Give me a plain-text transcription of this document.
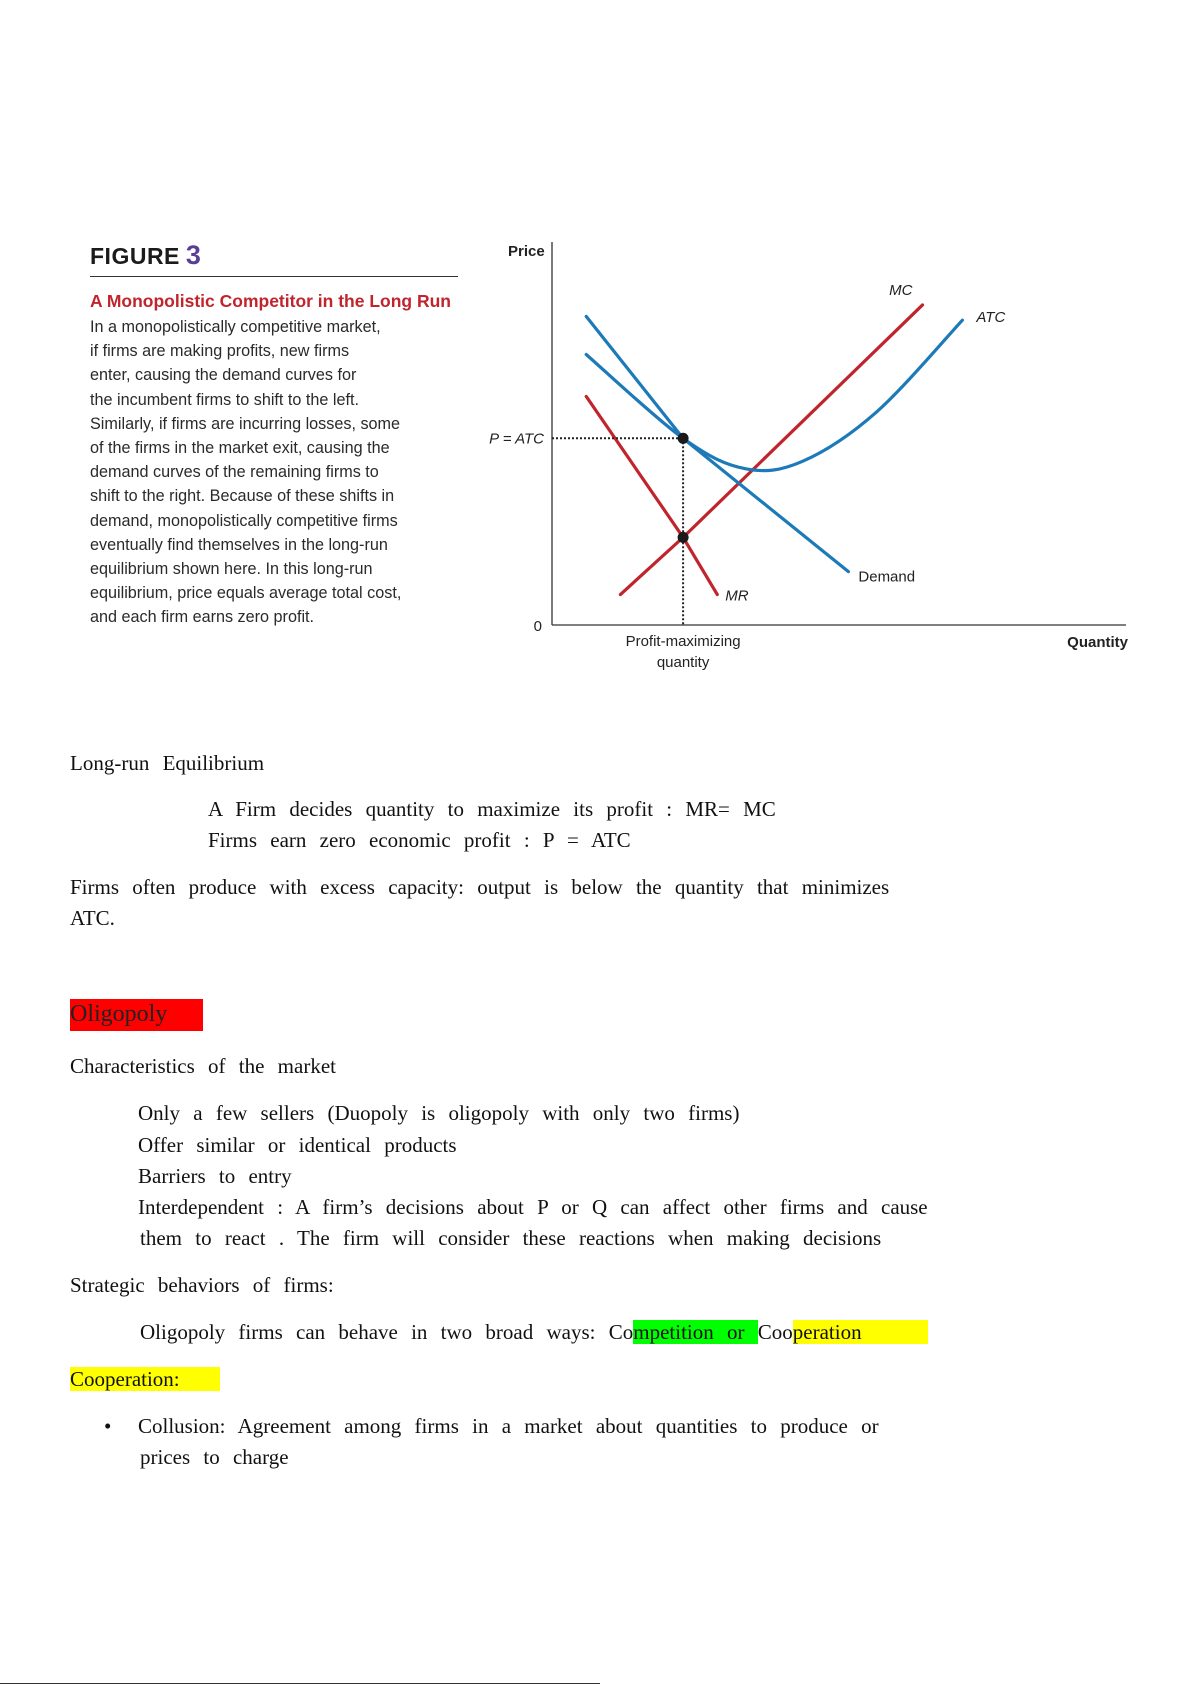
FIGURE 3
A Monopolistic Competitor in the Long Run
In a monopolistically competitive market,
if firms are making profits, new firms
enter, causing the demand curves for
the incumbent firms to shift to the left.
Similarly, if firms are incurring losses, some
of the firms in the market exit, causing the
demand curves of the remaining firms to
shift to the right. Because of these shifts in
demand, monopolistically competitive firms
eventually find themselves in the long-run
equilibrium shown here. In this long-run
equilibrium, price equals average total cost,
and each firm earns zero profit.
Price
Quantity
0
P = ATC
Profit-maximizing
quantity
MC
ATC
Demand
MR
Long-run Equilibrium
A Firm decides quantity to maximize its profit : MR= MC
Firms earn zero economic profit : P = ATC
Firms often produce with excess capacity: output is below the quantity that minimizes
ATC.
Oligopoly
Characteristics of the market
Only a few sellers (Duopoly is oligopoly with only two firms)
Offer similar or identical products
Barriers to entry
Interdependent : A firm’s decisions about P or Q can affect other firms and cause
them to react . The firm will consider these reactions when making decisions
Strategic behaviors of firms:
Oligopoly firms can behave in two broad ways: Competition or Cooperation
Cooperation:
• Collusion: Agreement among firms in a market about quantities to produce or
prices to charge
